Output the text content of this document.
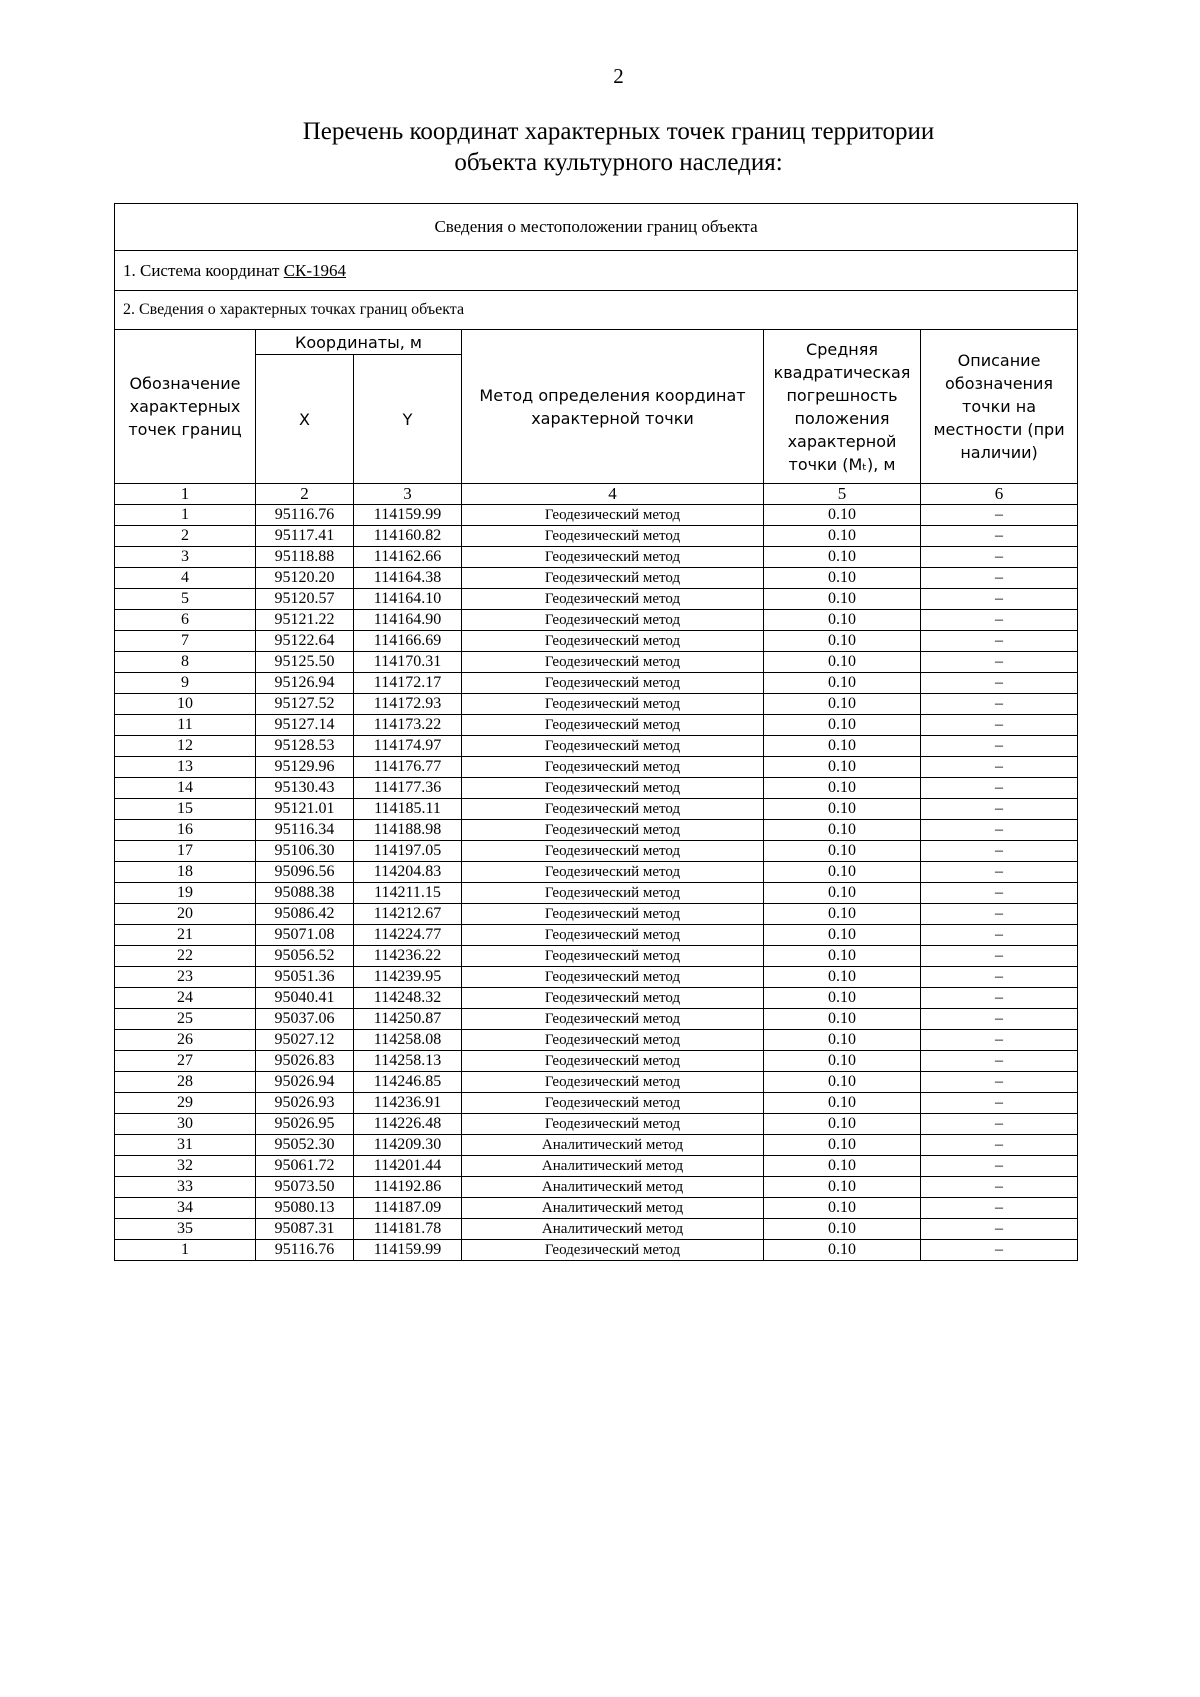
2
Перечень координат характерных точек границ территории
объекта культурного наследия:
Сведения о местоположении границ объекта					
1. Система координат СК-1964					
2. Сведения о характерных точках границ объекта					
Обозначение характерных точек границ	Координаты, м		Метод определения координат характерной точки	Средняя квадратическая погрешность положения характерной точки (Mₜ), м	Описание обозначения точки на местности (при наличии)
	X	Y			
1	2	3	4	5	6
1	95116.76	114159.99	Геодезический метод	0.10	–
2	95117.41	114160.82	Геодезический метод	0.10	–
3	95118.88	114162.66	Геодезический метод	0.10	–
4	95120.20	114164.38	Геодезический метод	0.10	–
5	95120.57	114164.10	Геодезический метод	0.10	–
6	95121.22	114164.90	Геодезический метод	0.10	–
7	95122.64	114166.69	Геодезический метод	0.10	–
8	95125.50	114170.31	Геодезический метод	0.10	–
9	95126.94	114172.17	Геодезический метод	0.10	–
10	95127.52	114172.93	Геодезический метод	0.10	–
11	95127.14	114173.22	Геодезический метод	0.10	–
12	95128.53	114174.97	Геодезический метод	0.10	–
13	95129.96	114176.77	Геодезический метод	0.10	–
14	95130.43	114177.36	Геодезический метод	0.10	–
15	95121.01	114185.11	Геодезический метод	0.10	–
16	95116.34	114188.98	Геодезический метод	0.10	–
17	95106.30	114197.05	Геодезический метод	0.10	–
18	95096.56	114204.83	Геодезический метод	0.10	–
19	95088.38	114211.15	Геодезический метод	0.10	–
20	95086.42	114212.67	Геодезический метод	0.10	–
21	95071.08	114224.77	Геодезический метод	0.10	–
22	95056.52	114236.22	Геодезический метод	0.10	–
23	95051.36	114239.95	Геодезический метод	0.10	–
24	95040.41	114248.32	Геодезический метод	0.10	–
25	95037.06	114250.87	Геодезический метод	0.10	–
26	95027.12	114258.08	Геодезический метод	0.10	–
27	95026.83	114258.13	Геодезический метод	0.10	–
28	95026.94	114246.85	Геодезический метод	0.10	–
29	95026.93	114236.91	Геодезический метод	0.10	–
30	95026.95	114226.48	Геодезический метод	0.10	–
31	95052.30	114209.30	Аналитический метод	0.10	–
32	95061.72	114201.44	Аналитический метод	0.10	–
33	95073.50	114192.86	Аналитический метод	0.10	–
34	95080.13	114187.09	Аналитический метод	0.10	–
35	95087.31	114181.78	Аналитический метод	0.10	–
1	95116.76	114159.99	Геодезический метод	0.10	–
